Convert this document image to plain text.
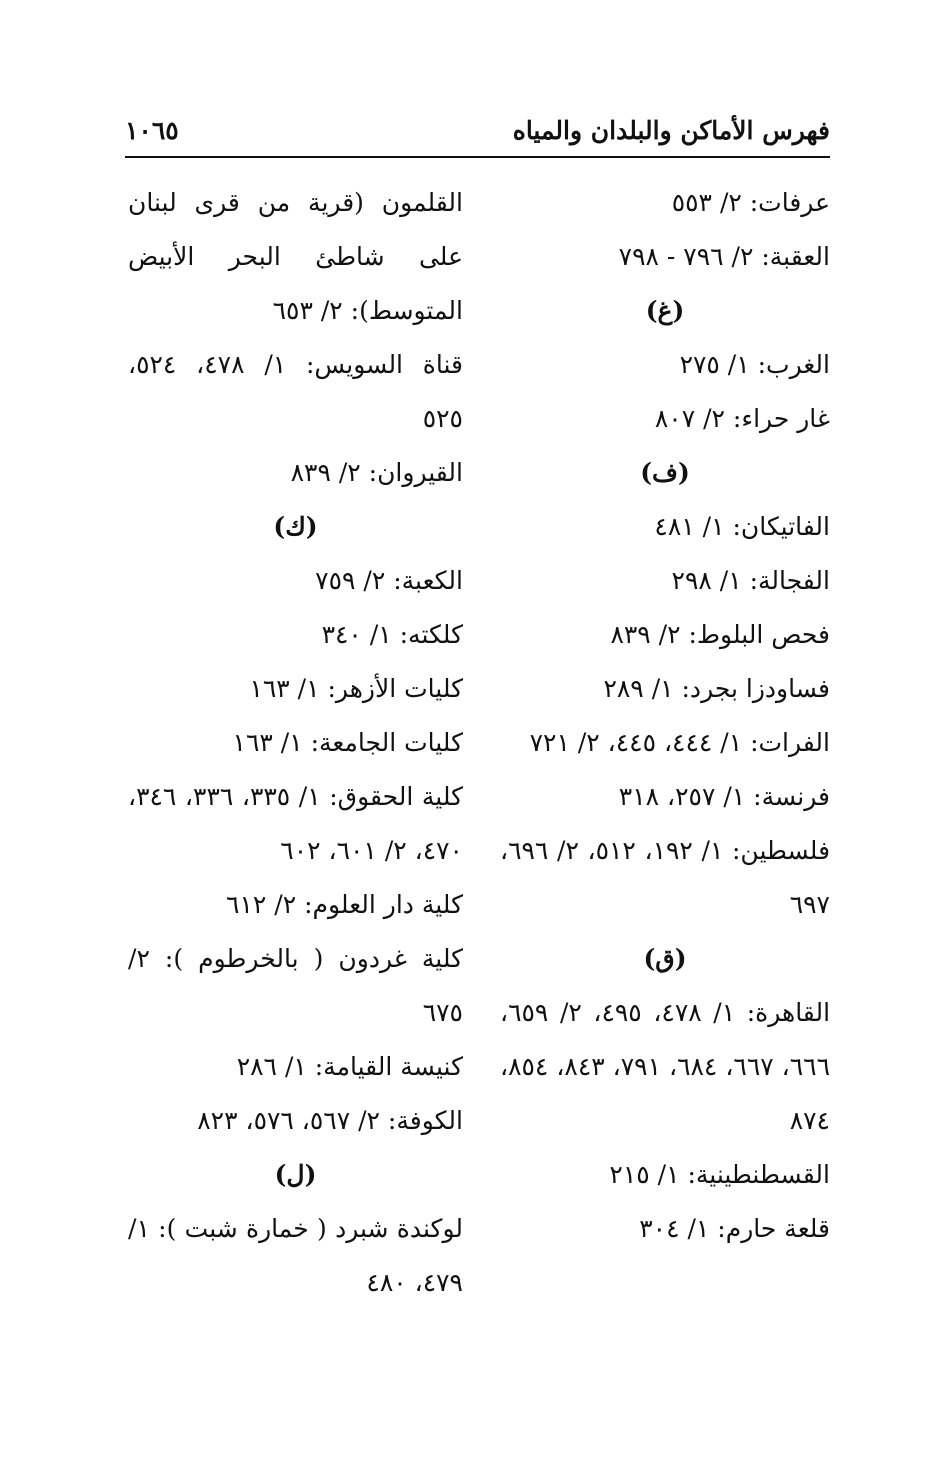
فهرس الأماكن والبلدان والمياه
١٠٦٥

عرفات: ٢/ ٥٥٣

العقبة: ٢/ ٧٩٦ - ٧٩٨

(غ)

الغرب: ١/ ٢٧٥

غار حراء: ٢/ ٨٠٧

(ف)

الفاتيكان: ١/ ٤٨١

الفجالة: ١/ ٢٩٨

فحص البلوط: ٢/ ٨٣٩

فساودزا بجرد: ١/ ٢٨٩

الفرات: ١/ ٤٤٤، ٤٤٥، ٢/ ٧٢١

فرنسة: ١/ ٢٥٧، ٣١٨

فلسطين: ١/ ١٩٢، ٥١٢، ٢/ ٦٩٦، ٦٩٧

(ق)

القاهرة: ١/ ٤٧٨، ٤٩٥، ٢/ ٦٥٩، ٦٦٦، ٦٦٧، ٦٨٤، ٧٩١، ٨٤٣، ٨٥٤، ٨٧٤

القسطنطينية: ١/ ٢١٥

قلعة حارم: ١/ ٣٠٤

القلمون (قرية من قرى لبنان على شاطئ البحر الأبيض المتوسط): ٢/ ٦٥٣

قناة السويس: ١/ ٤٧٨، ٥٢٤، ٥٢٥

القيروان: ٢/ ٨٣٩

(ك)

الكعبة: ٢/ ٧٥٩

كلكته: ١/ ٣٤٠

كليات الأزهر: ١/ ١٦٣

كليات الجامعة: ١/ ١٦٣

كلية الحقوق: ١/ ٣٣٥، ٣٣٦، ٣٤٦، ٤٧٠، ٢/ ٦٠١، ٦٠٢

كلية دار العلوم: ٢/ ٦١٢

كلية غردون ( بالخرطوم ): ٢/ ٦٧٥

كنيسة القيامة: ١/ ٢٨٦

الكوفة: ٢/ ٥٦٧، ٥٧٦، ٨٢٣

(ل)

لوكندة شبرد ( خمارة شبت ): ١/ ٤٧٩، ٤٨٠
